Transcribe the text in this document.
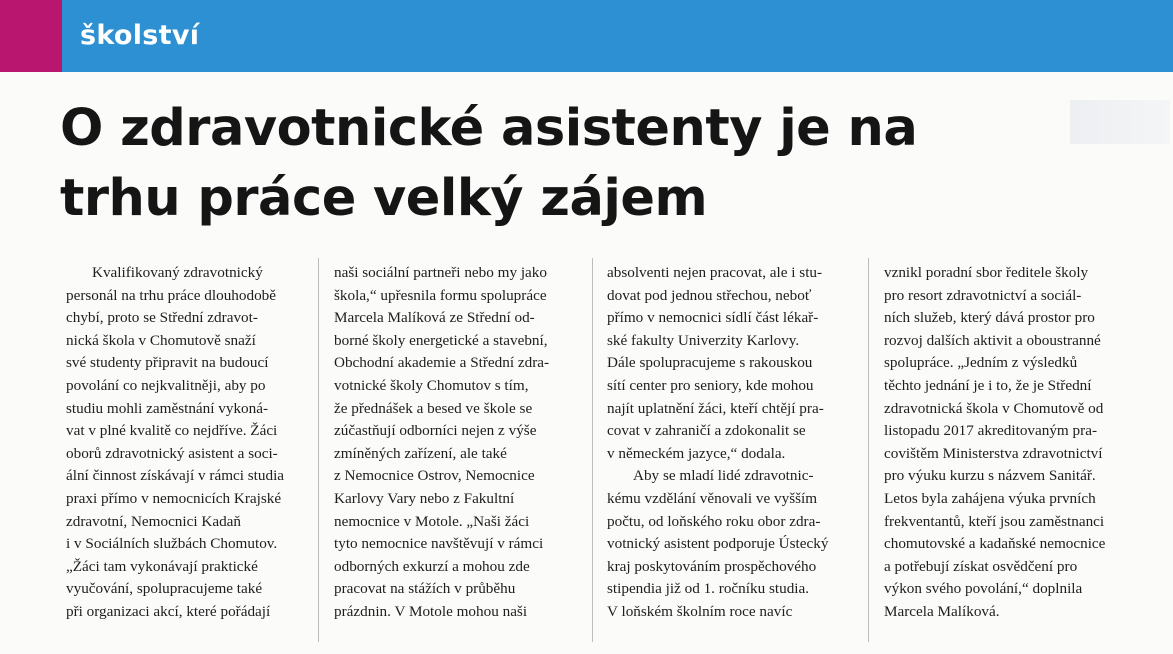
školství
O zdravotnické asistenty je na
trhu práce velký zájem

Kvalifikovaný zdravotnický

personál na trhu práce dlouhodobě

chybí, proto se Střední zdravot-

nická škola v Chomutově snaží

své studenty připravit na budoucí

povolání co nejkvalitněji, aby po

studiu mohli zaměstnání vykoná-

vat v plné kvalitě co nejdříve. Žáci

oborů zdravotnický asistent a soci-

ální činnost získávají v rámci studia

praxi přímo v nemocnicích Krajské

zdravotní, Nemocnici Kadaň

i v Sociálních službách Chomutov.

„Žáci tam vykonávají praktické

vyučování, spolupracujeme také

při organizaci akcí, které pořádají

naši sociální partneři nebo my jako

škola,“ upřesnila formu spolupráce

Marcela Malíková ze Střední od-

borné školy energetické a stavební,

Obchodní akademie a Střední zdra-

votnické školy Chomutov s tím,

že přednášek a besed ve škole se

zúčastňují odborníci nejen z výše

zmíněných zařízení, ale také

z Nemocnice Ostrov, Nemocnice

Karlovy Vary nebo z Fakultní

nemocnice v Motole. „Naši žáci

tyto nemocnice navštěvují v rámci

odborných exkurzí a mohou zde

pracovat na stážích v průběhu

prázdnin. V Motole mohou naši

absolventi nejen pracovat, ale i stu-

dovat pod jednou střechou, neboť

přímo v nemocnici sídlí část lékař-

ské fakulty Univerzity Karlovy.

Dále spolupracujeme s rakouskou

sítí center pro seniory, kde mohou

najít uplatnění žáci, kteří chtějí pra-

covat v zahraničí a zdokonalit se

v německém jazyce,“ dodala.

Aby se mladí lidé zdravotnic-

kému vzdělání věnovali ve vyšším

počtu, od loňského roku obor zdra-

votnický asistent podporuje Ústecký

kraj poskytováním prospěchového

stipendia již od 1. ročníku studia.

V loňském školním roce navíc

vznikl poradní sbor ředitele školy

pro resort zdravotnictví a sociál-

ních služeb, který dává prostor pro

rozvoj dalších aktivit a oboustranné

spolupráce. „Jedním z výsledků

těchto jednání je i to, že je Střední

zdravotnická škola v Chomutově od

listopadu 2017 akreditovaným pra-

covištěm Ministerstva zdravotnictví

pro výuku kurzu s názvem Sanitář.

Letos byla zahájena výuka prvních

frekventantů, kteří jsou zaměstnanci

chomutovské a kadaňské nemocnice

a potřebují získat osvědčení pro

výkon svého povolání,“ doplnila

Marcela Malíková.
